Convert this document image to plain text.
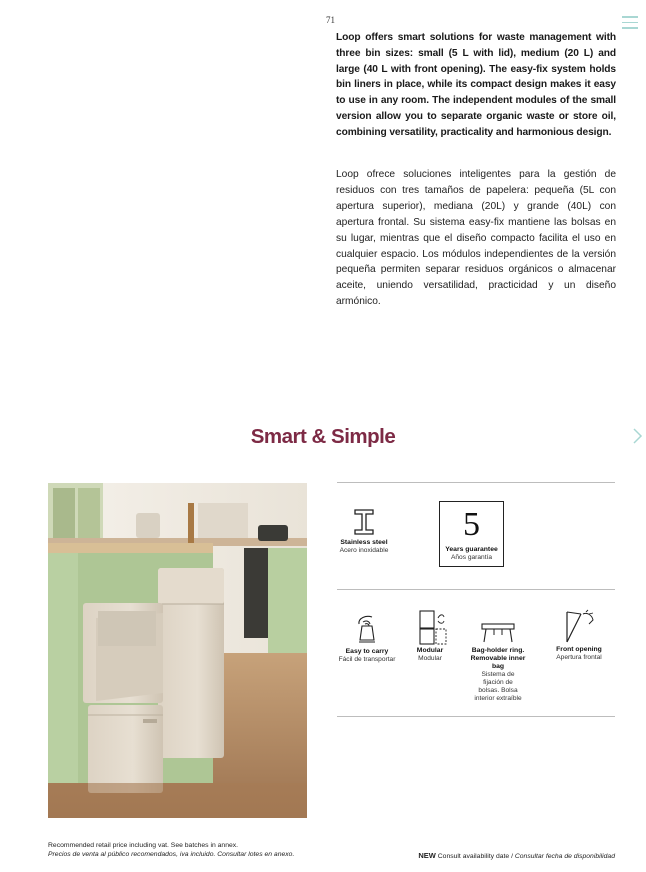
71

Loop offers smart solutions for waste management with three bin sizes: small (5 L with lid), medium (20 L) and large (40 L with front opening). The easy-fix system holds bin liners in place, while its compact design makes it easy to use in any room. The independent modules of the small version allow you to separate organic waste or store oil, combining versatility, practicality and harmonious design.

Loop ofrece soluciones inteligentes para la gestión de residuos con tres tamaños de papelera: pequeña (5L con apertura superior), mediana (20L) y grande (40L) con apertura frontal. Su sistema easy-fix mantiene las bolsas en su lugar, mientras que el diseño compacto facilita el uso en cualquier espacio. Los módulos independientes de la versión pequeña permiten separar residuos orgánicos o almacenar aceite, uniendo versatilidad, practicidad y un diseño armónico.

Smart & Simple
Stainless steel
Acero inoxidable
5
Years guarantee
Años garantía
Easy to carry
Fácil de transportar
Modular
Modular
Bag-holder ring. Removable inner bag
Sistema de fijación de bolsas. Bolsa interior extraíble
Front opening
Apertura frontal
Recommended retail price including vat. See batches in annex.
Precios de venta al público recomendados, iva incluido. Consultar lotes en anexo.	NEW Consult availability date / Consultar fecha de disponibilidad
